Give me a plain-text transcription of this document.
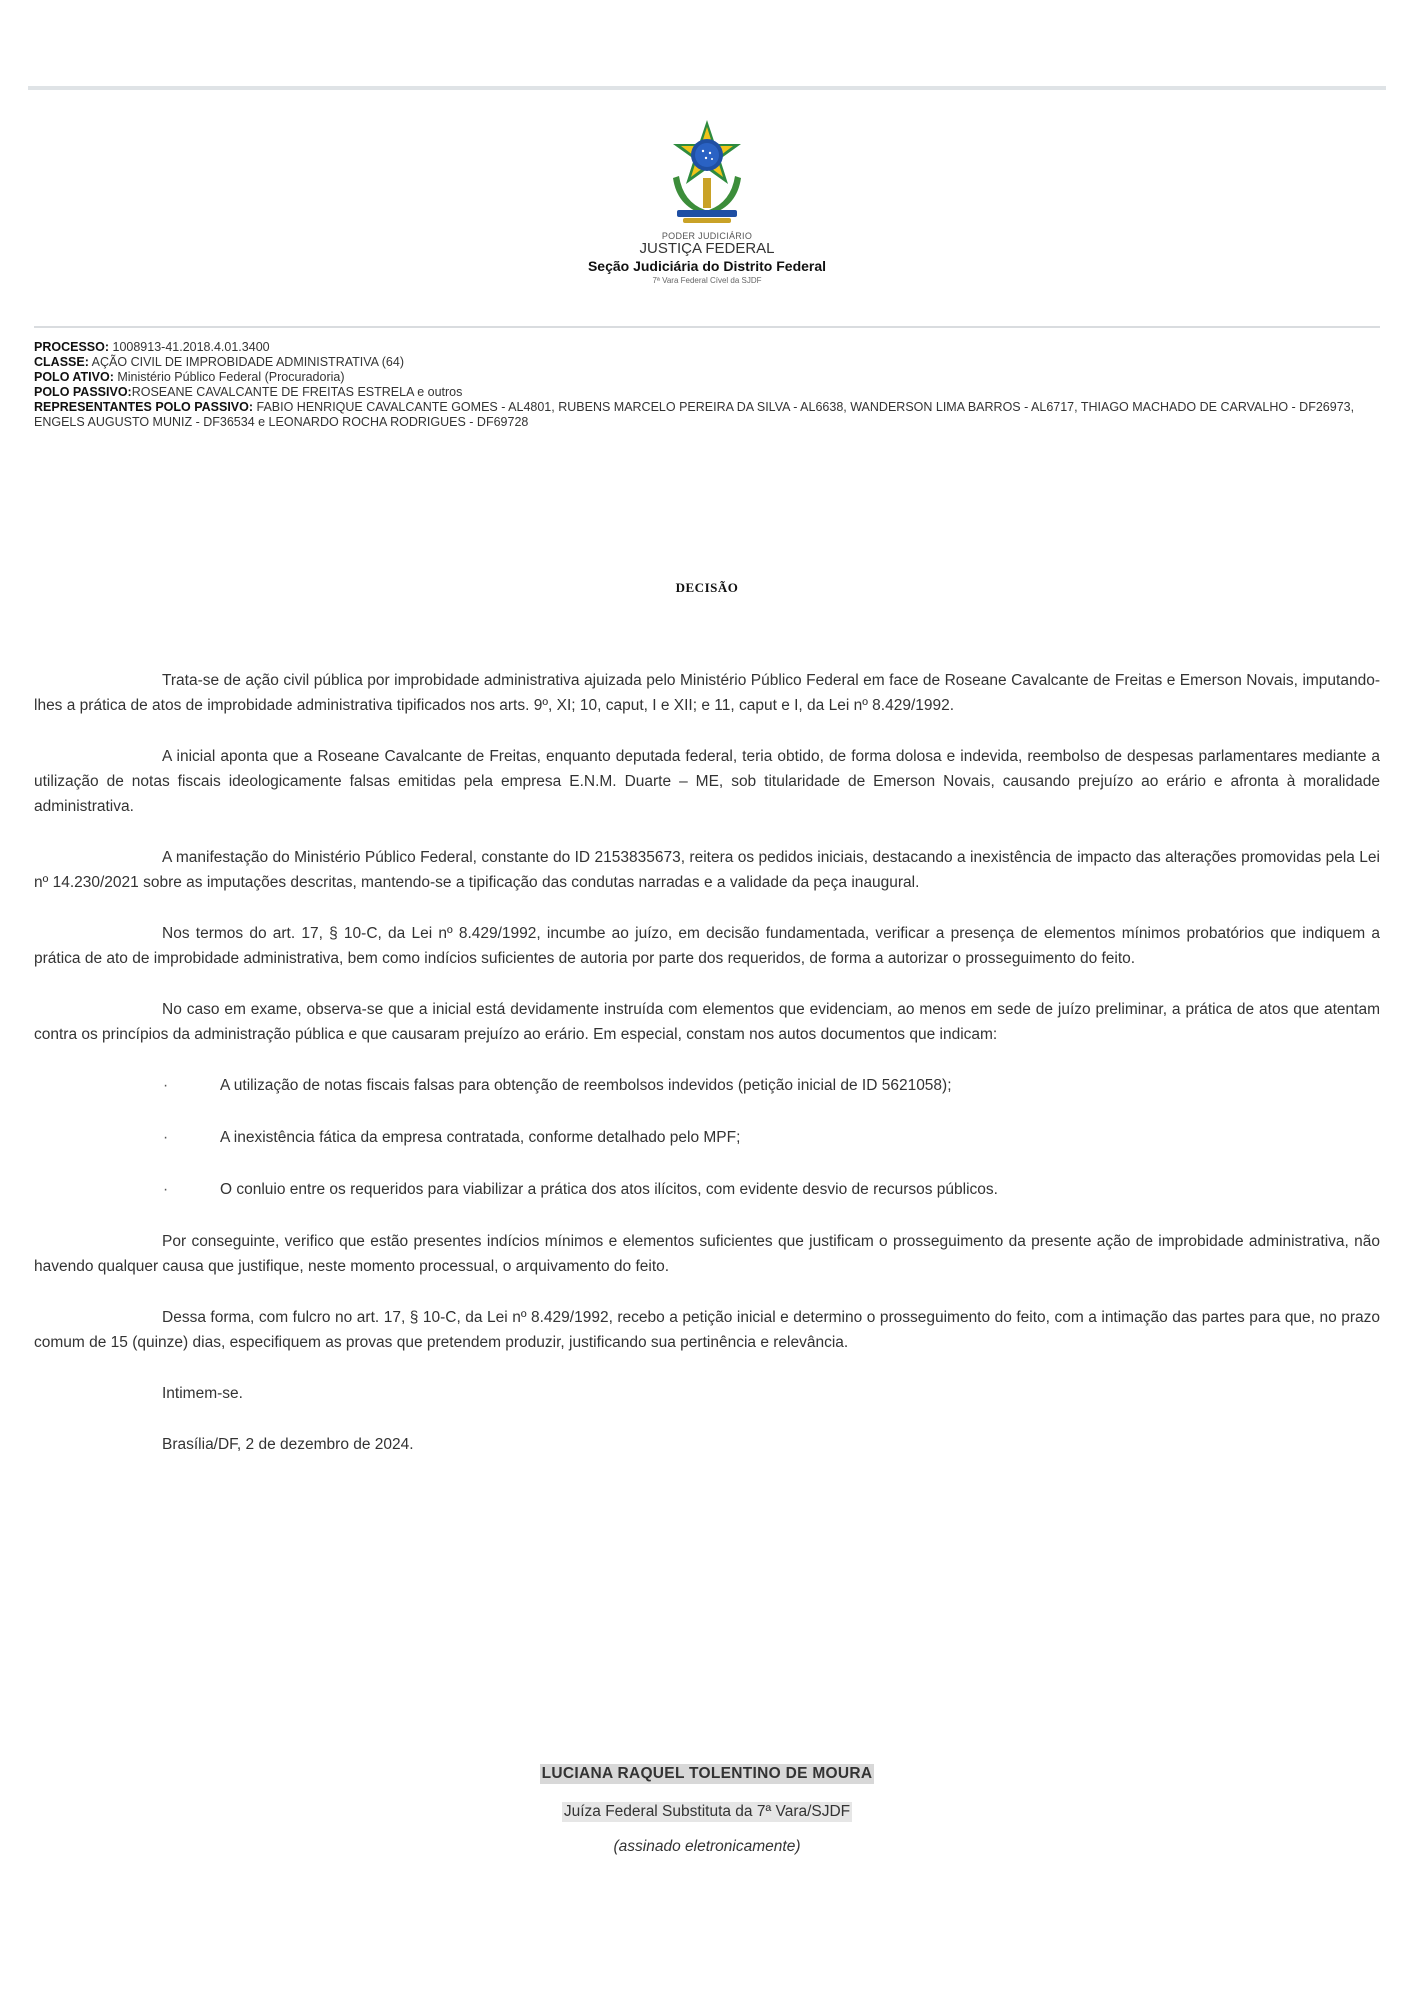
PODER JUDICIÁRIO
JUSTIÇA FEDERAL
Seção Judiciária do Distrito Federal
7ª Vara Federal Cível da SJDF
PROCESSO: 1008913-41.2018.4.01.3400
CLASSE: AÇÃO CIVIL DE IMPROBIDADE ADMINISTRATIVA (64)
POLO ATIVO: Ministério Público Federal (Procuradoria)
POLO PASSIVO:ROSEANE CAVALCANTE DE FREITAS ESTRELA e outros
REPRESENTANTES POLO PASSIVO: FABIO HENRIQUE CAVALCANTE GOMES - AL4801, RUBENS MARCELO PEREIRA DA SILVA - AL6638, WANDERSON LIMA BARROS - AL6717, THIAGO MACHADO DE CARVALHO - DF26973, ENGELS AUGUSTO MUNIZ - DF36534 e LEONARDO ROCHA RODRIGUES - DF69728
DECISÃO

Trata-se de ação civil pública por improbidade administrativa ajuizada pelo Ministério Público Federal em face de Roseane Cavalcante de Freitas e Emerson Novais, imputando-lhes a prática de atos de improbidade administrativa tipificados nos arts. 9º, XI; 10, caput, I e XII; e 11, caput e I, da Lei nº 8.429/1992.

A inicial aponta que a Roseane Cavalcante de Freitas, enquanto deputada federal, teria obtido, de forma dolosa e indevida, reembolso de despesas parlamentares mediante a utilização de notas fiscais ideologicamente falsas emitidas pela empresa E.N.M. Duarte – ME, sob titularidade de Emerson Novais, causando prejuízo ao erário e afronta à moralidade administrativa.

A manifestação do Ministério Público Federal, constante do ID 2153835673, reitera os pedidos iniciais, destacando a inexistência de impacto das alterações promovidas pela Lei nº 14.230/2021 sobre as imputações descritas, mantendo-se a tipificação das condutas narradas e a validade da peça inaugural.

Nos termos do art. 17, § 10-C, da Lei nº 8.429/1992, incumbe ao juízo, em decisão fundamentada, verificar a presença de elementos mínimos probatórios que indiquem a prática de ato de improbidade administrativa, bem como indícios suficientes de autoria por parte dos requeridos, de forma a autorizar o prosseguimento do feito.

No caso em exame, observa-se que a inicial está devidamente instruída com elementos que evidenciam, ao menos em sede de juízo preliminar, a prática de atos que atentam contra os princípios da administração pública e que causaram prejuízo ao erário. Em especial, constam nos autos documentos que indicam:

·	A utilização de notas fiscais falsas para obtenção de reembolsos indevidos (petição inicial de ID 5621058);
·	A inexistência fática da empresa contratada, conforme detalhado pelo MPF;
·	O conluio entre os requeridos para viabilizar a prática dos atos ilícitos, com evidente desvio de recursos públicos.

Por conseguinte, verifico que estão presentes indícios mínimos e elementos suficientes que justificam o prosseguimento da presente ação de improbidade administrativa, não havendo qualquer causa que justifique, neste momento processual, o arquivamento do feito.

Dessa forma, com fulcro no art. 17, § 10-C, da Lei nº 8.429/1992, recebo a petição inicial e determino o prosseguimento do feito, com a intimação das partes para que, no prazo comum de 15 (quinze) dias, especifiquem as provas que pretendem produzir, justificando sua pertinência e relevância.

Intimem-se.

Brasília/DF, 2 de dezembro de 2024.

LUCIANA RAQUEL TOLENTINO DE MOURA
Juíza Federal Substituta da 7ª Vara/SJDF
(assinado eletronicamente)
